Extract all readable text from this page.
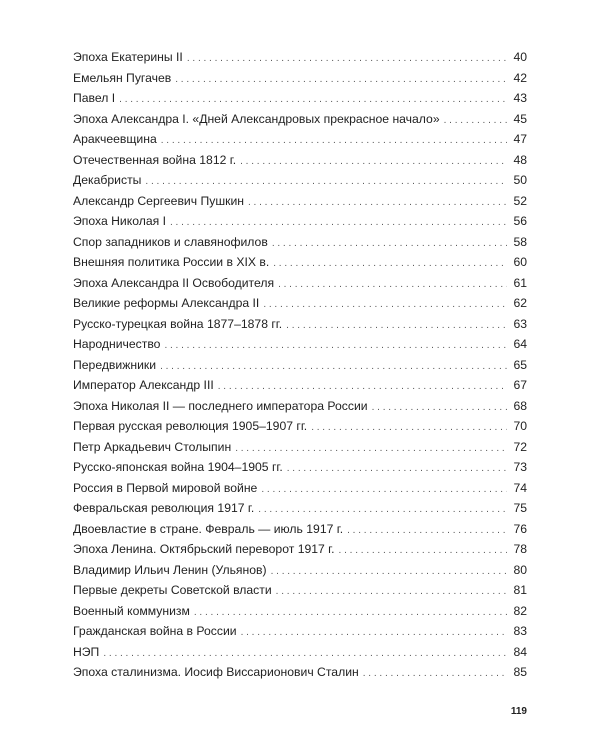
Эпоха Екатерины II . . .	40
Емельян Пугачев . . .	42
Павел I . . .	43
Эпоха Александра I. «Дней Александровых прекрасное начало» . . .	45
Аракчеевщина . . .	47
Отечественная война 1812 г. . . .	48
Декабристы . . .	50
Александр Сергеевич Пушкин . . .	52
Эпоха Николая I . . .	56
Спор западников и славянофилов . . .	58
Внешняя политика России в XIX в. . . .	60
Эпоха Александра II Освободителя . . .	61
Великие реформы Александра II . . .	62
Русско-турецкая война 1877–1878 гг. . . .	63
Народничество . . .	64
Передвижники . . .	65
Император Александр III . . .	67
Эпоха Николая II — последнего императора России . . .	68
Первая русская революция 1905–1907 гг. . . .	70
Петр Аркадьевич Столыпин . . .	72
Русско-японская война 1904–1905 гг. . . .	73
Россия в Первой мировой войне . . .	74
Февральская революция 1917 г. . . .	75
Двоевластие в стране. Февраль — июль 1917 г. . . .	76
Эпоха Ленина. Октябрьский переворот 1917 г. . . .	78
Владимир Ильич Ленин (Ульянов) . . .	80
Первые декреты Советской власти . . .	81
Военный коммунизм . . .	82
Гражданская война в России . . .	83
НЭП . . .	84
Эпоха сталинизма. Иосиф Виссарионович Сталин . . .	85
119
